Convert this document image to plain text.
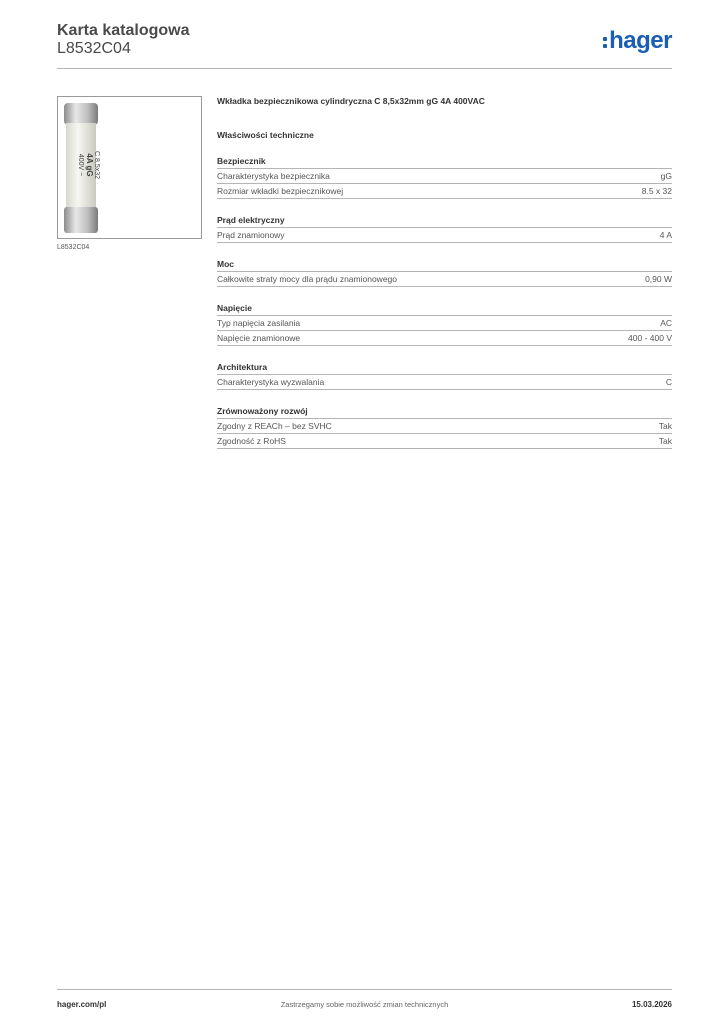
Karta katalogowa
L8532C04	hager
C 8,5x32
4A gG
400V ~
L8532C04
Wkładka bezpiecznikowa cylindryczna C 8,5x32mm gG 4A 400VAC
Właściwości techniczne
Bezpiecznik
Charakterystyka bezpiecznika	gG
Rozmiar wkładki bezpiecznikowej	8.5 x 32
Prąd elektryczny
Prąd znamionowy	4 A
Moc
Całkowite straty mocy dla prądu znamionowego	0,90 W
Napięcie
Typ napięcia zasilania	AC
Napięcie znamionowe	400 - 400 V
Architektura
Charakterystyka wyzwalania	C
Zrównoważony rozwój
Zgodny z REACh – bez SVHC	Tak
Zgodność z RoHS	Tak
hager.com/pl	Zastrzegamy sobie możliwość zmian technicznych	15.03.2026
